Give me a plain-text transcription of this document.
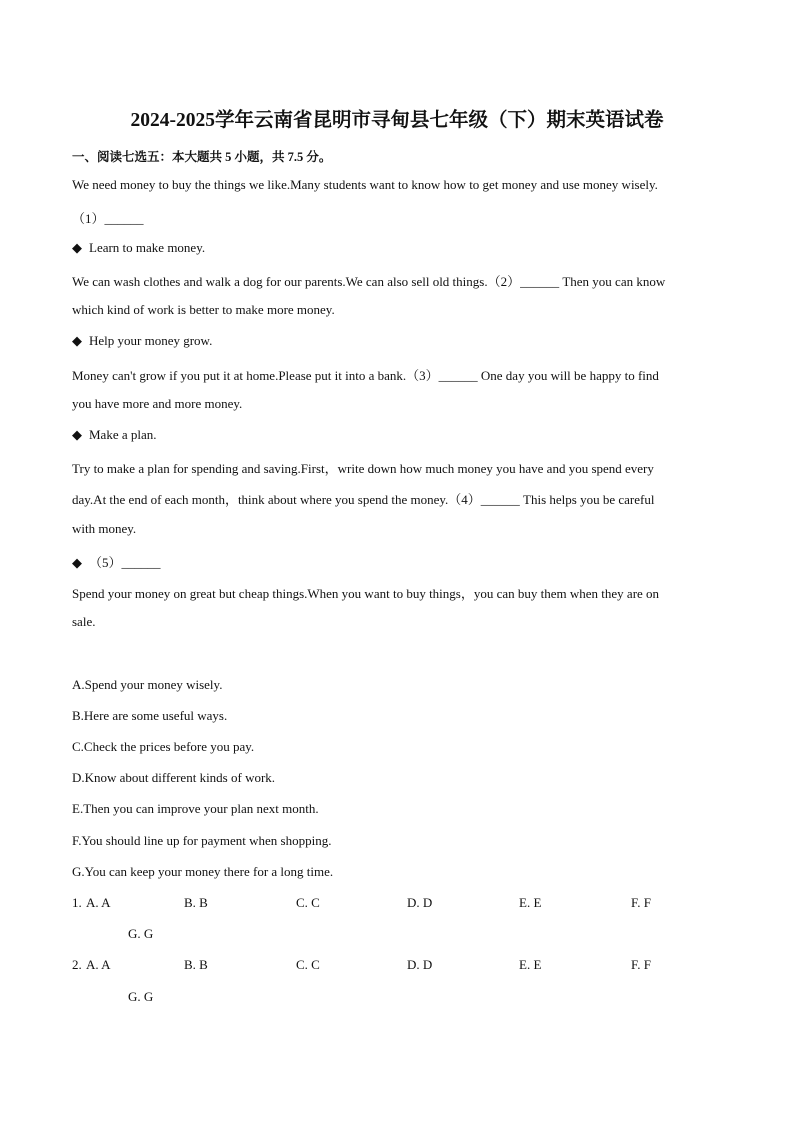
2024-2025学年云南省昆明市寻甸县七年级（下）期末英语试卷
一、阅读七选五：本大题共 5 小题，共 7.5 分。
We need money to buy the things we like.Many students want to know how to get money and use money wisely.
（1）______
◆ Learn to make money.
We can wash clothes and walk a dog for our parents.We can also sell old things.（2）______ Then you can know
which kind of work is better to make more money.
◆ Help your money grow.
Money can't grow if you put it at home.Please put it into a bank.（3）______ One day you will be happy to find
you have more and more money.
◆ Make a plan.
Try to make a plan for spending and saving.First，write down how much money you have and you spend every
day.At the end of each month，think about where you spend the money.（4）______ This helps you be careful
with money.
◆ （5）______
Spend your money on great but cheap things.When you want to buy things，you can buy them when they are on
sale.
A.Spend your money wisely.
B.Here are some useful ways.
C.Check the prices before you pay.
D.Know about different kinds of work.
E.Then you can improve your plan next month.
F.You should line up for payment when shopping.
G.You can keep your money there for a long time.
1. A. A	B. B	C. C	D. D	E. E	F. F
G. G
2. A. A	B. B	C. C	D. D	E. E	F. F
G. G
